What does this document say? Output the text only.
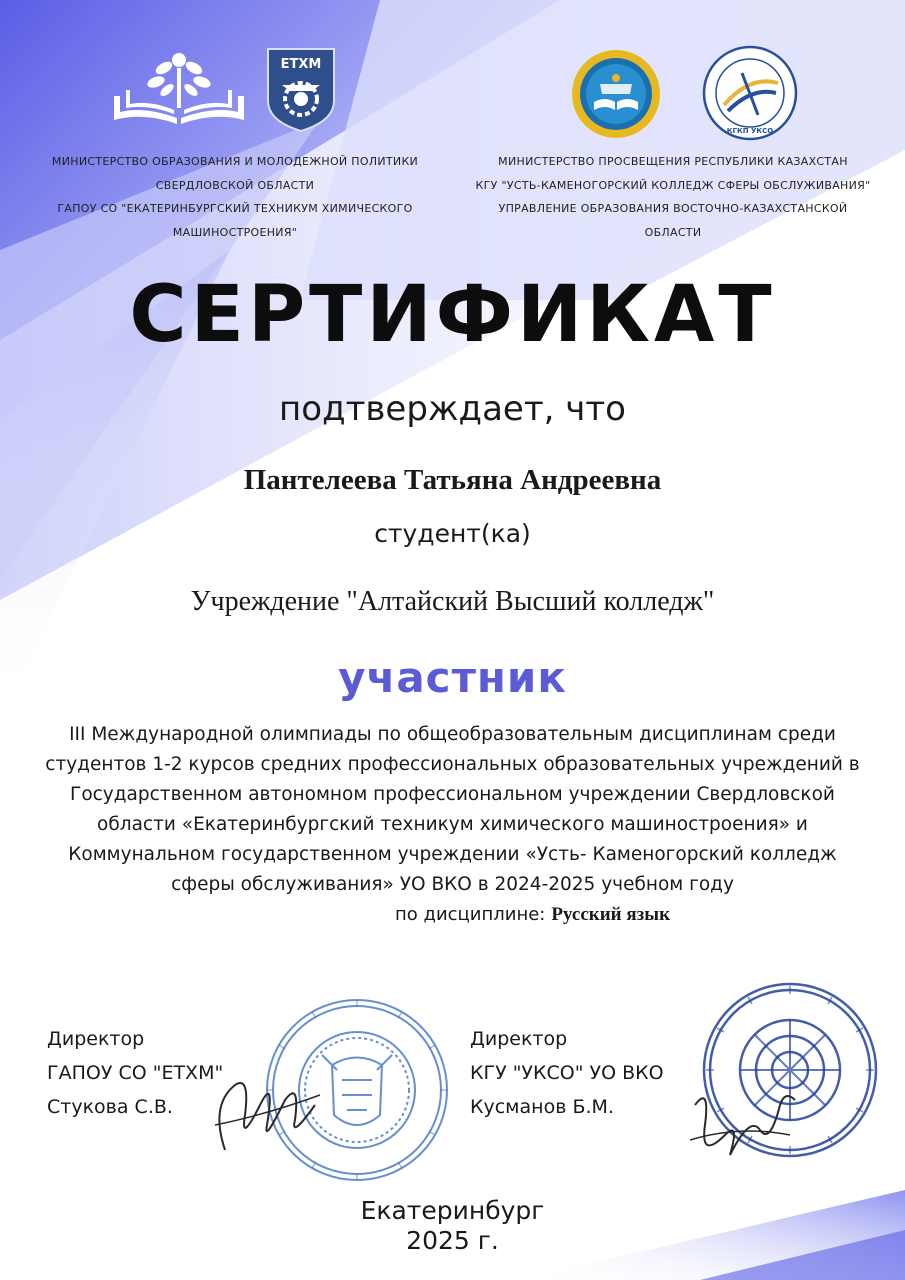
ЕТХМ
КГКП УКСО
МИНИСТЕРСТВО ОБРАЗОВАНИЯ И МОЛОДЕЖНОЙ ПОЛИТИКИ
СВЕРДЛОВСКОЙ ОБЛАСТИ
ГАПОУ СО "ЕКАТЕРИНБУРГСКИЙ ТЕХНИКУМ ХИМИЧЕСКОГО
МАШИНОСТРОЕНИЯ"
МИНИСТЕРСТВО ПРОСВЕЩЕНИЯ РЕСПУБЛИКИ КАЗАХСТАН
КГУ "УСТЬ-КАМЕНОГОРСКИЙ КОЛЛЕДЖ СФЕРЫ ОБСЛУЖИВАНИЯ"
УПРАВЛЕНИЕ ОБРАЗОВАНИЯ ВОСТОЧНО-КАЗАХСТАНСКОЙ
ОБЛАСТИ
СЕРТИФИКАТ
подтверждает, что
Пантелеева Татьяна Андреевна
студент(ка)
Учреждение "Алтайский Высший колледж"
участник
III Международной олимпиады по общеобразовательным дисциплинам среди
студентов 1-2 курсов средних профессиональных образовательных учреждений в
Государственном автономном профессиональном учреждении Свердловской
области «Екатеринбургский техникум химического машиностроения» и
Коммунальном государственном учреждении «Усть- Каменогорский колледж
сферы обслуживания» УО ВКО в 2024-2025 учебном году
по дисциплине: Русский язык
Директор
ГАПОУ СО "ЕТХМ"
Стукова С.В.
Директор
КГУ "УКСО" УО ВКО
Кусманов Б.М.
Екатеринбург
2025 г.
